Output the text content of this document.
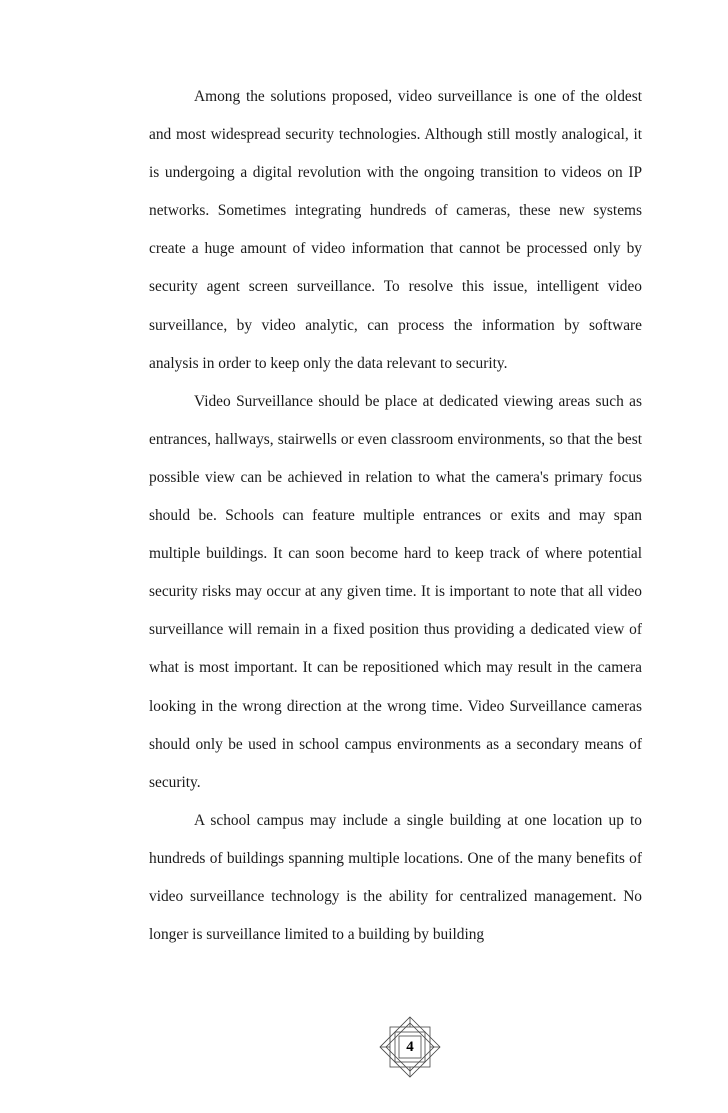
Among the solutions proposed, video surveillance is one of the oldest and most widespread security technologies. Although still mostly analogical, it is undergoing a digital revolution with the ongoing transition to videos on IP networks. Sometimes integrating hundreds of cameras, these new systems create a huge amount of video information that cannot be processed only by security agent screen surveillance. To resolve this issue, intelligent video surveillance, by video analytic, can process the information by software analysis in order to keep only the data relevant to security.

Video Surveillance should be place at dedicated viewing areas such as entrances, hallways, stairwells or even classroom environments, so that the best possible view can be achieved in relation to what the camera's primary focus should be. Schools can feature multiple entrances or exits and may span multiple buildings. It can soon become hard to keep track of where potential security risks may occur at any given time. It is important to note that all video surveillance will remain in a fixed position thus providing a dedicated view of what is most important. It can be repositioned which may result in the camera looking in the wrong direction at the wrong time. Video Surveillance cameras should only be used in school campus environments as a secondary means of security.

A school campus may include a single building at one location up to hundreds of buildings spanning multiple locations. One of the many benefits of video surveillance technology is the ability for centralized management. No longer is surveillance limited to a building by building

4
